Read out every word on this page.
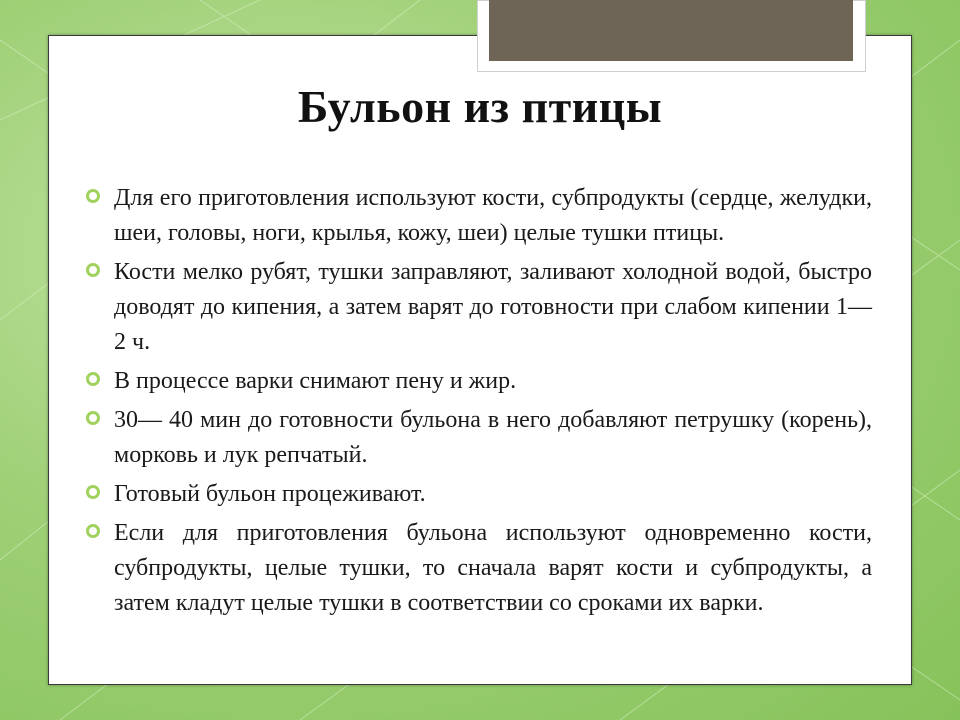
Бульон из птицы
Для его приготовления используют кости, субпродукты (сердце, желудки, шеи, головы, ноги, крылья, кожу, шеи) целые тушки птицы.
Кости мелко рубят, тушки заправляют, заливают холодной водой, быстро доводят до кипения, а затем варят до готовности при слабом кипении 1—2 ч.
В процессе варки снимают пену и жир.
30— 40 мин до готовности бульона в него добавляют петрушку (корень), морковь и лук репчатый.
Готовый бульон процеживают.
Если для приготовления бульона используют одновременно кости, субпродукты, целые тушки, то сначала варят кости и субпродукты, а затем кладут целые тушки в соответствии со сроками их варки.
